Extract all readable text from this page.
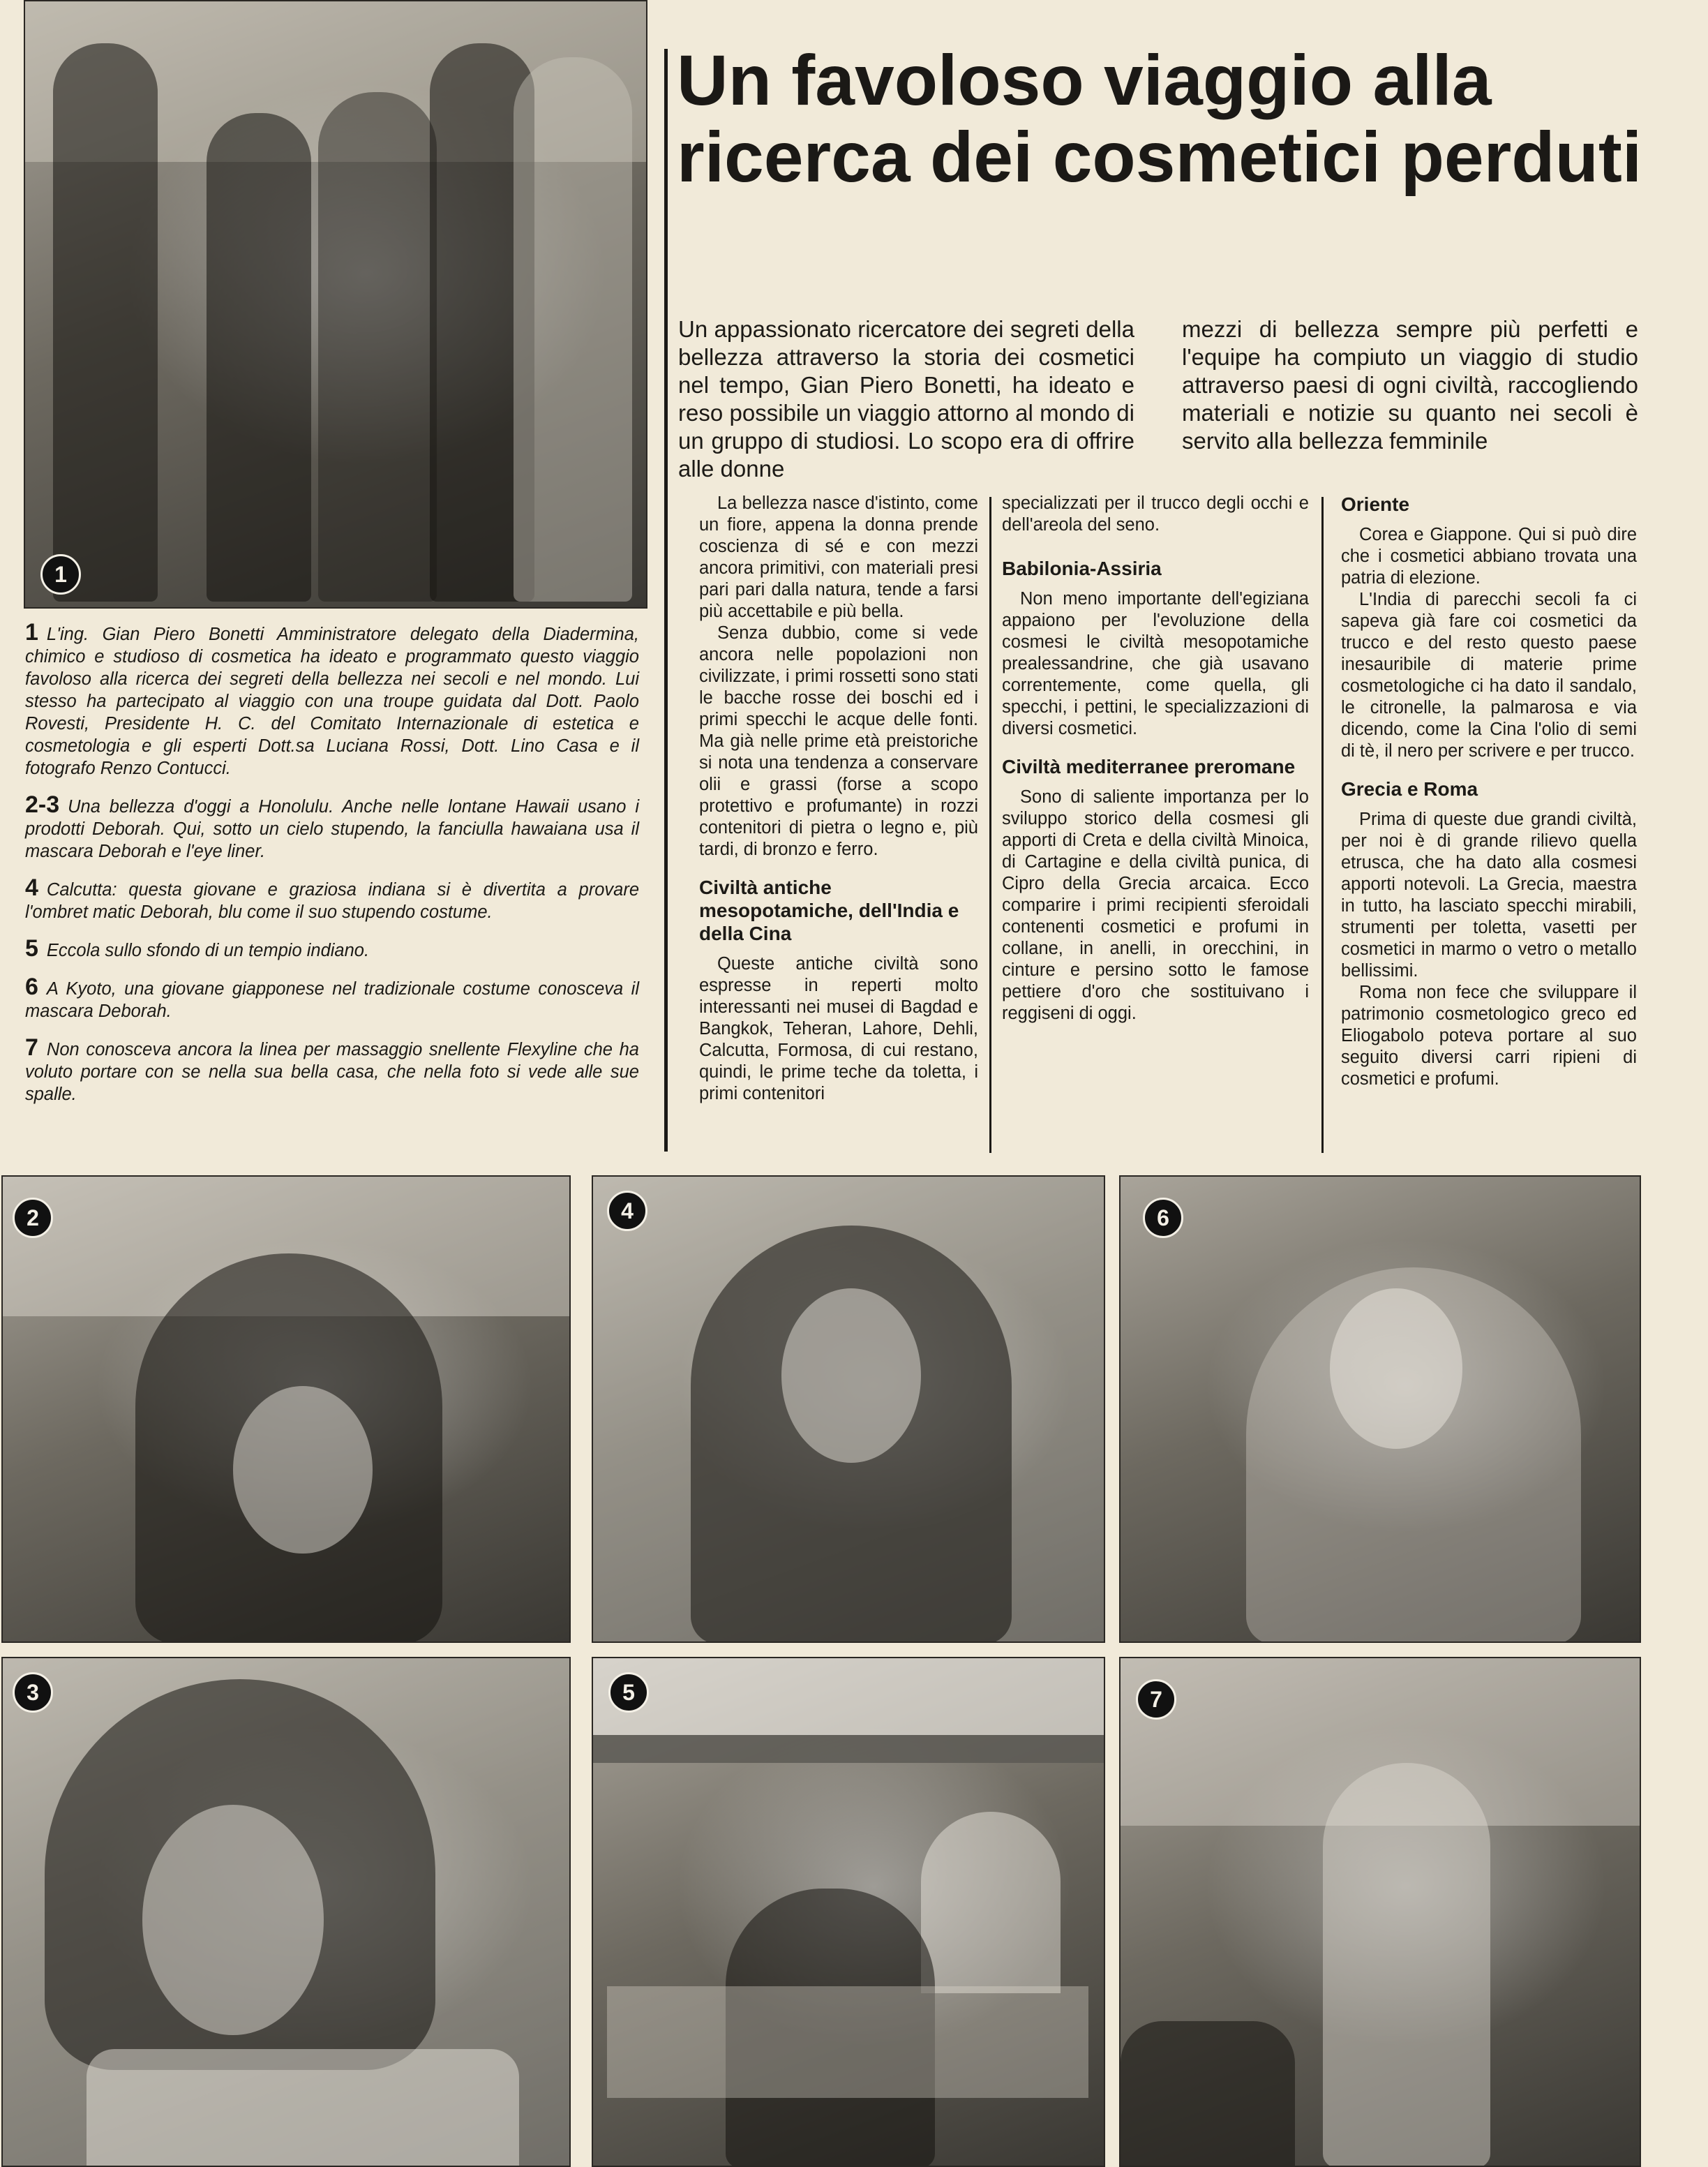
1
Un favoloso viaggio alla ricerca dei cosmetici perduti

Un appassionato ricercatore dei segreti della bellezza attraverso la storia dei cosmetici nel tempo, Gian Piero Bonetti, ha ideato e reso possibile un viaggio attorno al mondo di un gruppo di studiosi. Lo scopo era di offrire alle donne

mezzi di bellezza sempre più perfetti e l'equipe ha compiuto un viaggio di studio attraverso paesi di ogni civiltà, raccogliendo materiali e notizie su quanto nei secoli è servito alla bellezza femminile

La bellezza nasce d'istinto, come un fiore, appena la donna prende coscienza di sé e con mezzi ancora primitivi, con materiali presi pari pari dalla natura, tende a farsi più accettabile e più bella.

Senza dubbio, come si vede ancora nelle popolazioni non civilizzate, i primi rossetti sono stati le bacche rosse dei boschi ed i primi specchi le acque delle fonti. Ma già nelle prime età preistoriche si nota una tendenza a conservare olii e grassi (forse a scopo protettivo e profumante) in rozzi contenitori di pietra o legno e, più tardi, di bronzo e ferro.

Civiltà antiche mesopotamiche, dell'India e della Cina

Queste antiche civiltà sono espresse in reperti molto interessanti nei musei di Bagdad e Bangkok, Teheran, Lahore, Dehli, Calcutta, Formosa, di cui restano, quindi, le prime teche da toletta, i primi contenitori

specializzati per il trucco degli occhi e dell'areola del seno.

Babilonia-Assiria

Non meno importante dell'egiziana appaiono per l'evoluzione della cosmesi le civiltà mesopotamiche prealessandrine, che già usavano correntemente, come quella, gli specchi, i pettini, le specializzazioni di diversi cosmetici.

Civiltà mediterranee preromane

Sono di saliente importanza per lo sviluppo storico della cosmesi gli apporti di Creta e della civiltà Minoica, di Cartagine e della civiltà punica, di Cipro della Grecia arcaica. Ecco comparire i primi recipienti sferoidali contenenti cosmetici e profumi in collane, in anelli, in orecchini, in cinture e persino sotto le famose pettiere d'oro che sostituivano i reggiseni di oggi.

Oriente

Corea e Giappone. Qui si può dire che i cosmetici abbiano trovata una patria di elezione.

L'India di parecchi secoli fa ci sapeva già fare coi cosmetici da trucco e del resto questo paese inesauribile di materie prime cosmetologiche ci ha dato il sandalo, le citronelle, la palmarosa e via dicendo, come la Cina l'olio di semi di tè, il nero per scrivere e per trucco.

Grecia e Roma

Prima di queste due grandi civiltà, per noi è di grande rilievo quella etrusca, che ha dato alla cosmesi apporti notevoli. La Grecia, maestra in tutto, ha lasciato specchi mirabili, strumenti per toletta, vasetti per cosmetici in marmo o vetro o metallo bellissimi.

Roma non fece che sviluppare il patrimonio cosmetologico greco ed Eliogabolo poteva portare al suo seguito diversi carri ripieni di cosmetici e profumi.

1 L'ing. Gian Piero Bonetti Amministratore delegato della Diadermina, chimico e studioso di cosmetica ha ideato e programmato questo viaggio favoloso alla ricerca dei segreti della bellezza nei secoli e nel mondo. Lui stesso ha partecipato al viaggio con una troupe guidata dal Dott. Paolo Rovesti, Presidente H. C. del Comitato Internazionale di estetica e cosmetologia e gli esperti Dott.sa Luciana Rossi, Dott. Lino Casa e il fotografo Renzo Contucci.

2-3 Una bellezza d'oggi a Honolulu. Anche nelle lontane Hawaii usano i prodotti Deborah. Qui, sotto un cielo stupendo, la fanciulla hawaiana usa il mascara Deborah e l'eye liner.

4 Calcutta: questa giovane e graziosa indiana si è divertita a provare l'ombret matic Deborah, blu come il suo stupendo costume.

5 Eccola sullo sfondo di un tempio indiano.

6 A Kyoto, una giovane giapponese nel tradizionale costume conosceva il mascara Deborah.

7 Non conosceva ancora la linea per massaggio snellente Flexyline che ha voluto portare con se nella sua bella casa, che nella foto si vede alle sue spalle.

2	4	6
3	5	7
